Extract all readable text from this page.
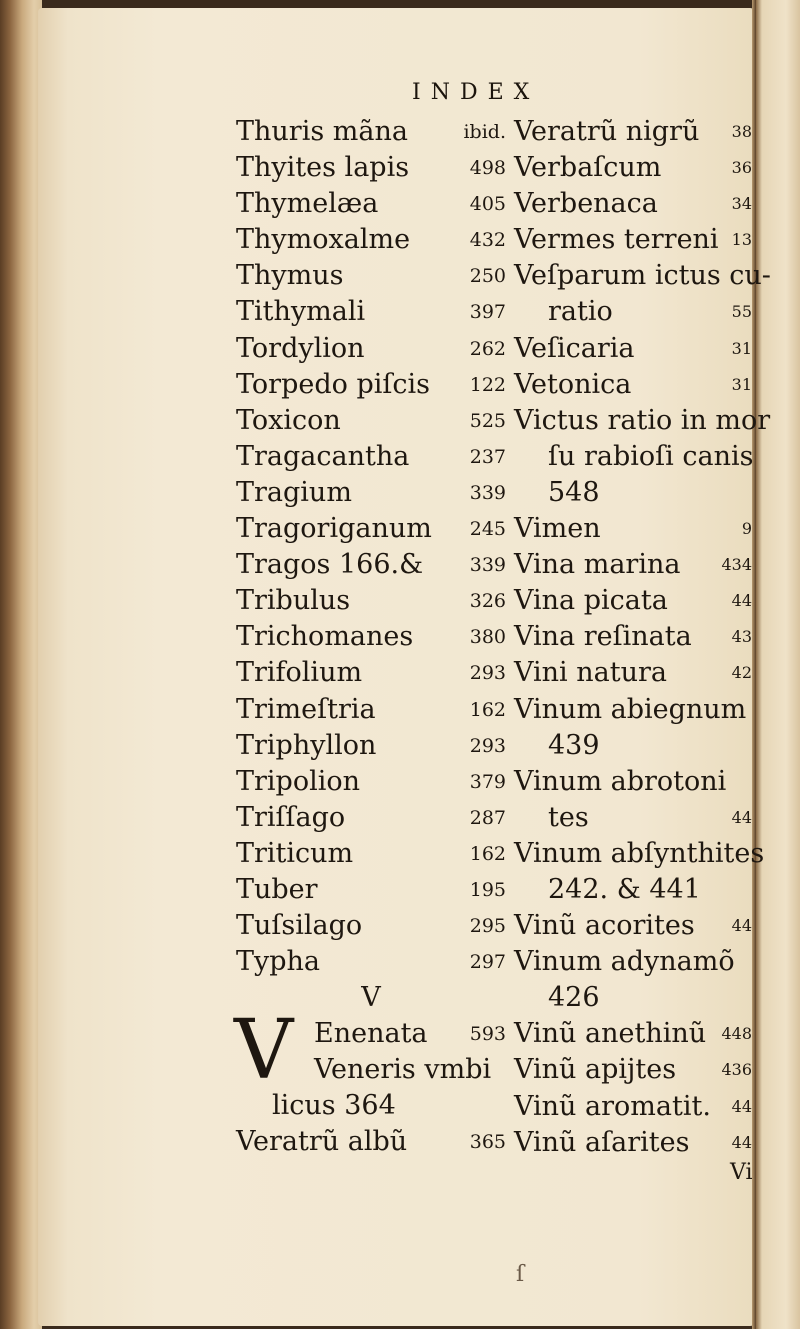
INDEX
Thuris mãna	ibid.
Thyites lapis	498
Thymelæa	405
Thymoxalme	432
Thymus	250
Tithymali	397
Tordylion	262
Torpedo piſcis 122
Toxicon	525
Tragacantha	237
Tragium	339
Tragoriganum 245
Tragos 166.& 339
Tribulus	326
Trichomanes	380
Trifolium	293
Trimeſtria	162
Triphyllon	293
Tripolion	379
Triſſago	287
Triticum	162
Tuber	195
Tuſsilago	295
Typha	297
V
V
Enenata 593
Veneris vmbi
licus 364
Veratrũ albũ	365
Veratrũ nigrũ 38
Verbaſcum	36
Verbenaca	34
Vermes terreni 13
Veſparum ictus cu-
ratio	55
Veſicaria	31
Vetonica	31
Victus ratio in mor
ſu rabioſi canis
548
Vimen	9
Vina marina	434
Vina picata	44
Vina reſinata 43
Vini natura	42
Vinum abiegnum
439
Vinum abrotoni
tes	44
Vinum abſynthites
242. & 441
Vinũ acorites 44
Vinum adynamõ
426
Vinũ anethinũ 448
Vinũ apijtes	436
Vinũ aromatit. 44
Vinũ aſarites	44
Vi
ſ
